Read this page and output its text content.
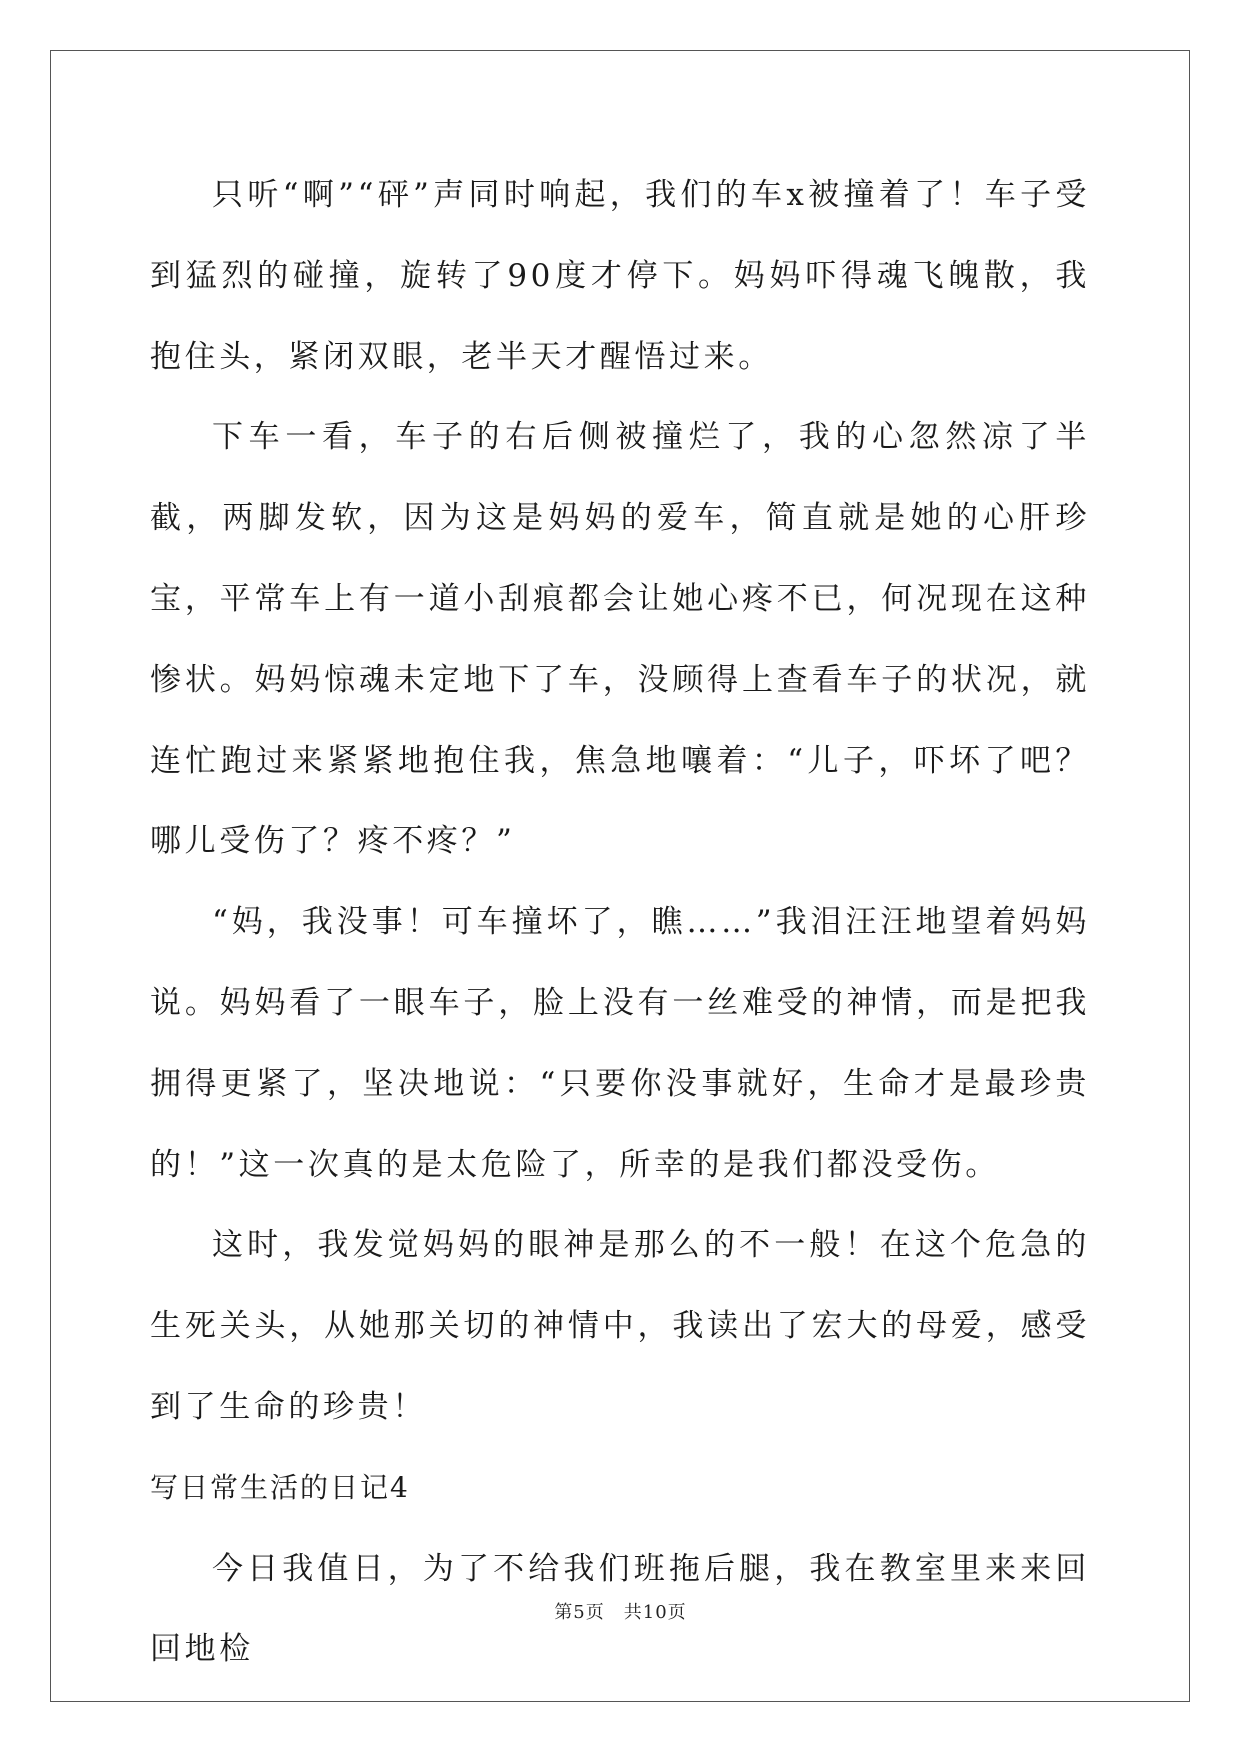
只听“啊”“砰”声同时响起，我们的车x被撞着了！车子受到猛烈的碰撞，旋转了90度才停下。妈妈吓得魂飞魄散，我抱住头，紧闭双眼，老半天才醒悟过来。

下车一看，车子的右后侧被撞烂了，我的心忽然凉了半截，两脚发软，因为这是妈妈的爱车，简直就是她的心肝珍宝，平常车上有一道小刮痕都会让她心疼不已，何况现在这种惨状。妈妈惊魂未定地下了车，没顾得上查看车子的状况，就连忙跑过来紧紧地抱住我，焦急地嚷着：“儿子，吓坏了吧？哪儿受伤了？疼不疼？”

“妈，我没事！可车撞坏了，瞧……”我泪汪汪地望着妈妈说。妈妈看了一眼车子，脸上没有一丝难受的神情，而是把我拥得更紧了，坚决地说：“只要你没事就好，生命才是最珍贵的！”这一次真的是太危险了，所幸的是我们都没受伤。

这时，我发觉妈妈的眼神是那么的不一般！在这个危急的生死关头，从她那关切的神情中，我读出了宏大的母爱，感受到了生命的珍贵！

写日常生活的日记4

今日我值日，为了不给我们班拖后腿，我在教室里来来回回地检

第5页　共10页
